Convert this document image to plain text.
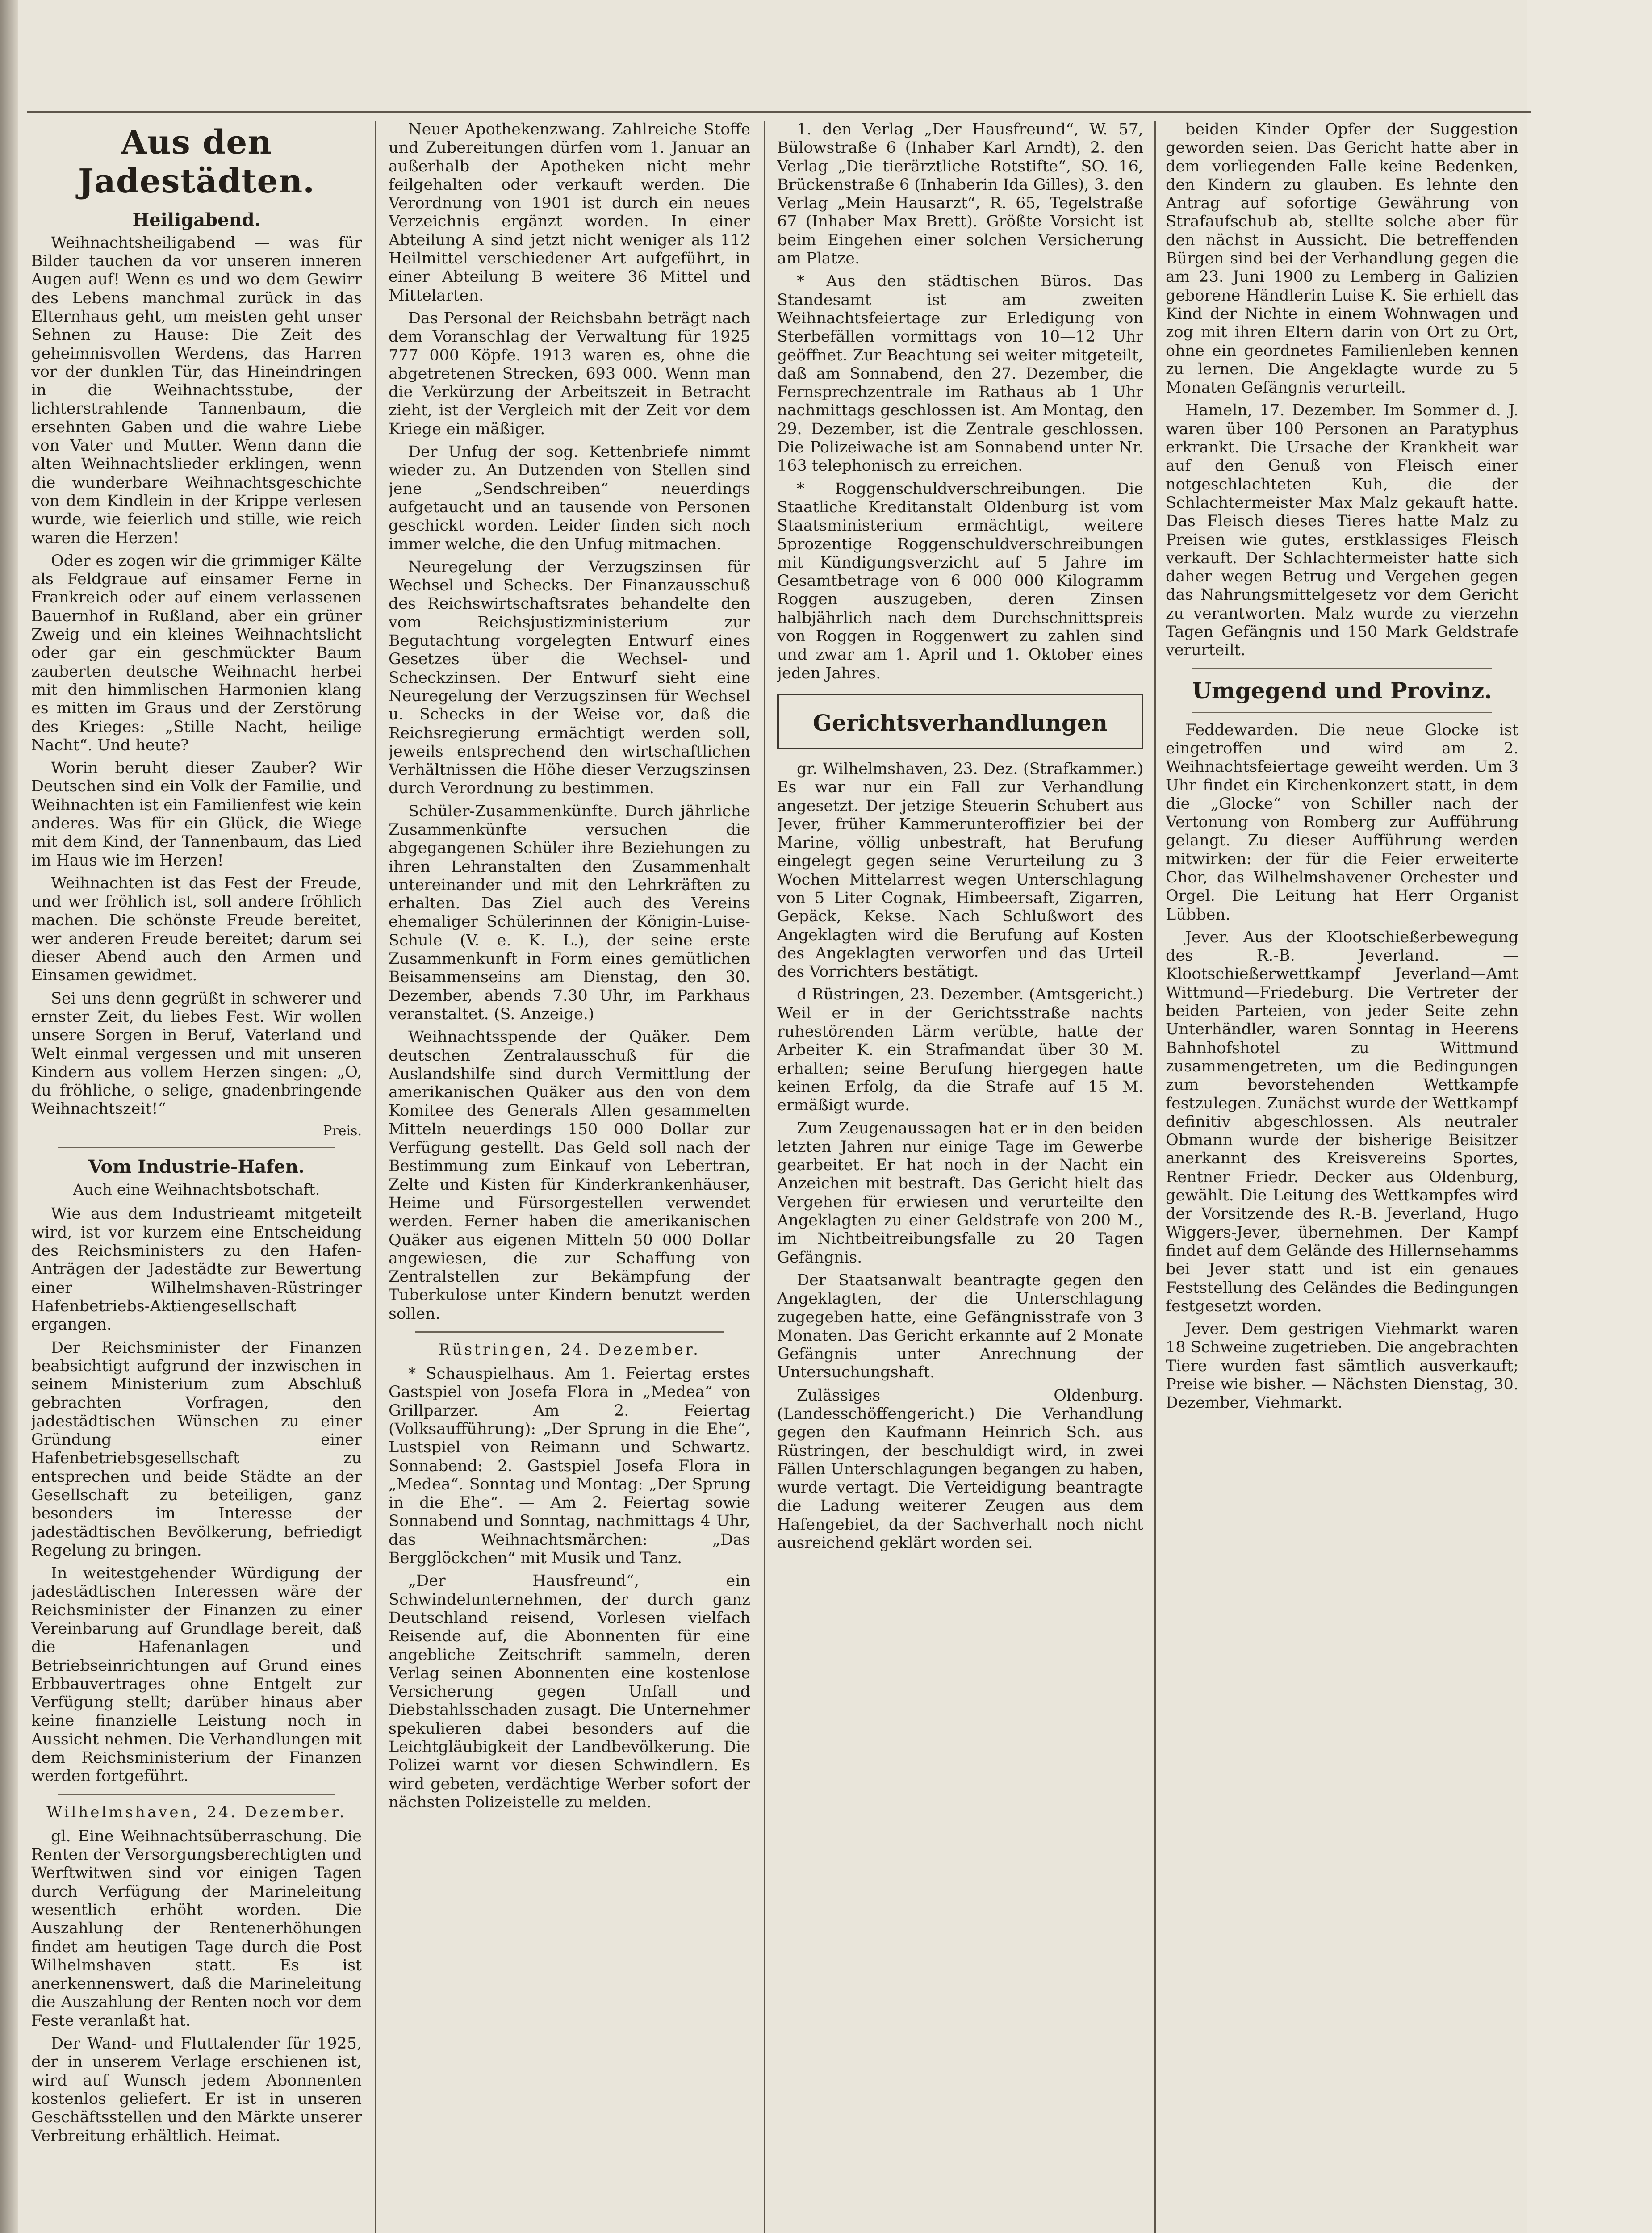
Aus den Jadestädten.
Heiligabend.

Weihnachtsheiligabend — was für Bilder tauchen da vor unseren inneren Augen auf! Wenn es und wo dem Gewirr des Lebens manchmal zurück in das Elternhaus geht, um meisten geht unser Sehnen zu Hause: Die Zeit des geheimnisvollen Werdens, das Harren vor der dunklen Tür, das Hineindringen in die Weihnachtsstube, der lichterstrahlende Tannenbaum, die ersehnten Gaben und die wahre Liebe von Vater und Mutter. Wenn dann die alten Weihnachtslieder erklingen, wenn die wunderbare Weihnachtsgeschichte von dem Kindlein in der Krippe verlesen wurde, wie feierlich und stille, wie reich waren die Herzen!

Oder es zogen wir die grimmiger Kälte als Feldgraue auf einsamer Ferne in Frankreich oder auf einem verlassenen Bauernhof in Rußland, aber ein grüner Zweig und ein kleines Weihnachtslicht oder gar ein geschmückter Baum zauberten deutsche Weihnacht herbei mit den himmlischen Harmonien klang es mitten im Graus und der Zerstörung des Krieges: „Stille Nacht, heilige Nacht“. Und heute?

Worin beruht dieser Zauber? Wir Deutschen sind ein Volk der Familie, und Weihnachten ist ein Familienfest wie kein anderes. Was für ein Glück, die Wiege mit dem Kind, der Tannenbaum, das Lied im Haus wie im Herzen!

Weihnachten ist das Fest der Freude, und wer fröhlich ist, soll andere fröhlich machen. Die schönste Freude bereitet, wer anderen Freude bereitet; darum sei dieser Abend auch den Armen und Einsamen gewidmet.

Sei uns denn gegrüßt in schwerer und ernster Zeit, du liebes Fest. Wir wollen unsere Sorgen in Beruf, Vaterland und Welt einmal vergessen und mit unseren Kindern aus vollem Herzen singen: „O, du fröhliche, o selige, gnadenbringende Weihnachtszeit!“

Preis.
Vom Industrie-Hafen.
Auch eine Weihnachtsbotschaft.

Wie aus dem Industrieamt mitgeteilt wird, ist vor kurzem eine Entscheidung des Reichsministers zu den Hafen-Anträgen der Jadestädte zur Bewertung einer Wilhelmshaven-Rüstringer Hafenbetriebs-Aktiengesellschaft ergangen.

Der Reichsminister der Finanzen beabsichtigt aufgrund der inzwischen in seinem Ministerium zum Abschluß gebrachten Vorfragen, den jadestädtischen Wünschen zu einer Gründung einer Hafenbetriebsgesellschaft zu entsprechen und beide Städte an der Gesellschaft zu beteiligen, ganz besonders im Interesse der jadestädtischen Bevölkerung, befriedigt Regelung zu bringen.

In weitestgehender Würdigung der jadestädtischen Interessen wäre der Reichsminister der Finanzen zu einer Vereinbarung auf Grundlage bereit, daß die Hafenanlagen und Betriebseinrichtungen auf Grund eines Erbbauvertrages ohne Entgelt zur Verfügung stellt; darüber hinaus aber keine finanzielle Leistung noch in Aussicht nehmen. Die Verhandlungen mit dem Reichsministerium der Finanzen werden fortgeführt.

Wilhelmshaven, 24. Dezember.

gl. Eine Weihnachtsüberraschung. Die Renten der Versorgungsberechtigten und Werftwitwen sind vor einigen Tagen durch Verfügung der Marineleitung wesentlich erhöht worden. Die Auszahlung der Rentenerhöhungen findet am heutigen Tage durch die Post Wilhelmshaven statt. Es ist anerkennenswert, daß die Marineleitung die Auszahlung der Renten noch vor dem Feste veranlaßt hat.

Der Wand- und Fluttalender für 1925, der in unserem Verlage erschienen ist, wird auf Wunsch jedem Abonnenten kostenlos geliefert. Er ist in unseren Geschäftsstellen und den Märkte unserer Verbreitung erhältlich. Heimat.

Neuer Apothekenzwang. Zahlreiche Stoffe und Zubereitungen dürfen vom 1. Januar an außerhalb der Apotheken nicht mehr feilgehalten oder verkauft werden. Die Verordnung von 1901 ist durch ein neues Verzeichnis ergänzt worden. In einer Abteilung A sind jetzt nicht weniger als 112 Heilmittel verschiedener Art aufgeführt, in einer Abteilung B weitere 36 Mittel und Mittelarten.

Das Personal der Reichsbahn beträgt nach dem Voranschlag der Verwaltung für 1925 777 000 Köpfe. 1913 waren es, ohne die abgetretenen Strecken, 693 000. Wenn man die Verkürzung der Arbeitszeit in Betracht zieht, ist der Vergleich mit der Zeit vor dem Kriege ein mäßiger.

Der Unfug der sog. Kettenbriefe nimmt wieder zu. An Dutzenden von Stellen sind jene „Sendschreiben“ neuerdings aufgetaucht und an tausende von Personen geschickt worden. Leider finden sich noch immer welche, die den Unfug mitmachen.

Neuregelung der Verzugszinsen für Wechsel und Schecks. Der Finanzausschuß des Reichswirtschaftsrates behandelte den vom Reichsjustizministerium zur Begutachtung vorgelegten Entwurf eines Gesetzes über die Wechsel- und Scheckzinsen. Der Entwurf sieht eine Neuregelung der Verzugszinsen für Wechsel u. Schecks in der Weise vor, daß die Reichsregierung ermächtigt werden soll, jeweils entsprechend den wirtschaftlichen Verhältnissen die Höhe dieser Verzugszinsen durch Verordnung zu bestimmen.

Schüler-Zusammenkünfte. Durch jährliche Zusammenkünfte versuchen die abgegangenen Schüler ihre Beziehungen zu ihren Lehranstalten den Zusammenhalt untereinander und mit den Lehrkräften zu erhalten. Das Ziel auch des Vereins ehemaliger Schülerinnen der Königin-Luise-Schule (V. e. K. L.), der seine erste Zusammenkunft in Form eines gemütlichen Beisammenseins am Dienstag, den 30. Dezember, abends 7.30 Uhr, im Parkhaus veranstaltet. (S. Anzeige.)

Weihnachtsspende der Quäker. Dem deutschen Zentralausschuß für die Auslandshilfe sind durch Vermittlung der amerikanischen Quäker aus den von dem Komitee des Generals Allen gesammelten Mitteln neuerdings 150 000 Dollar zur Verfügung gestellt. Das Geld soll nach der Bestimmung zum Einkauf von Lebertran, Zelte und Kisten für Kinderkrankenhäuser, Heime und Fürsorgestellen verwendet werden. Ferner haben die amerikanischen Quäker aus eigenen Mitteln 50 000 Dollar angewiesen, die zur Schaffung von Zentralstellen zur Bekämpfung der Tuberkulose unter Kindern benutzt werden sollen.

Rüstringen, 24. Dezember.

* Schauspielhaus. Am 1. Feiertag erstes Gastspiel von Josefa Flora in „Medea“ von Grillparzer. Am 2. Feiertag (Volksaufführung): „Der Sprung in die Ehe“, Lustspiel von Reimann und Schwartz. Sonnabend: 2. Gastspiel Josefa Flora in „Medea“. Sonntag und Montag: „Der Sprung in die Ehe“. — Am 2. Feiertag sowie Sonnabend und Sonntag, nachmittags 4 Uhr, das Weihnachtsmärchen: „Das Bergglöckchen“ mit Musik und Tanz.

„Der Hausfreund“, ein Schwindelunternehmen, der durch ganz Deutschland reisend, Vorlesen vielfach Reisende auf, die Abonnenten für eine angebliche Zeitschrift sammeln, deren Verlag seinen Abonnenten eine kostenlose Versicherung gegen Unfall und Diebstahlsschaden zusagt. Die Unternehmer spekulieren dabei besonders auf die Leichtgläubigkeit der Landbevölkerung. Die Polizei warnt vor diesen Schwindlern. Es wird gebeten, verdächtige Werber sofort der nächsten Polizeistelle zu melden.

1. den Verlag „Der Hausfreund“, W. 57, Bülowstraße 6 (Inhaber Karl Arndt), 2. den Verlag „Die tierärztliche Rotstifte“, SO. 16, Brückenstraße 6 (Inhaberin Ida Gilles), 3. den Verlag „Mein Hausarzt“, R. 65, Tegelstraße 67 (Inhaber Max Brett). Größte Vorsicht ist beim Eingehen einer solchen Versicherung am Platze.

* Aus den städtischen Büros. Das Standesamt ist am zweiten Weihnachtsfeiertage zur Erledigung von Sterbefällen vormittags von 10—12 Uhr geöffnet. Zur Beachtung sei weiter mitgeteilt, daß am Sonnabend, den 27. Dezember, die Fernsprechzentrale im Rathaus ab 1 Uhr nachmittags geschlossen ist. Am Montag, den 29. Dezember, ist die Zentrale geschlossen. Die Polizeiwache ist am Sonnabend unter Nr. 163 telephonisch zu erreichen.

* Roggenschuldverschreibungen. Die Staatliche Kreditanstalt Oldenburg ist vom Staatsministerium ermächtigt, weitere 5prozentige Roggenschuldverschreibungen mit Kündigungsverzicht auf 5 Jahre im Gesamtbetrage von 6 000 000 Kilogramm Roggen auszugeben, deren Zinsen halbjährlich nach dem Durchschnittspreis von Roggen in Roggenwert zu zahlen sind und zwar am 1. April und 1. Oktober eines jeden Jahres.

Gerichtsverhandlungen

gr. Wilhelmshaven, 23. Dez. (Strafkammer.) Es war nur ein Fall zur Verhandlung angesetzt. Der jetzige Steuerin Schubert aus Jever, früher Kammerunteroffizier bei der Marine, völlig unbestraft, hat Berufung eingelegt gegen seine Verurteilung zu 3 Wochen Mittelarrest wegen Unterschlagung von 5 Liter Cognak, Himbeersaft, Zigarren, Gepäck, Kekse. Nach Schlußwort des Angeklagten wird die Berufung auf Kosten des Angeklagten verworfen und das Urteil des Vorrichters bestätigt.

d Rüstringen, 23. Dezember. (Amtsgericht.) Weil er in der Gerichtsstraße nachts ruhestörenden Lärm verübte, hatte der Arbeiter K. ein Strafmandat über 30 M. erhalten; seine Berufung hiergegen hatte keinen Erfolg, da die Strafe auf 15 M. ermäßigt wurde.

Zum Zeugenaussagen hat er in den beiden letzten Jahren nur einige Tage im Gewerbe gearbeitet. Er hat noch in der Nacht ein Anzeichen mit bestraft. Das Gericht hielt das Vergehen für erwiesen und verurteilte den Angeklagten zu einer Geldstrafe von 200 M., im Nichtbeitreibungsfalle zu 20 Tagen Gefängnis.

Der Staatsanwalt beantragte gegen den Angeklagten, der die Unterschlagung zugegeben hatte, eine Gefängnisstrafe von 3 Monaten. Das Gericht erkannte auf 2 Monate Gefängnis unter Anrechnung der Untersuchungshaft.

Zulässiges Oldenburg. (Landesschöffengericht.) Die Verhandlung gegen den Kaufmann Heinrich Sch. aus Rüstringen, der beschuldigt wird, in zwei Fällen Unterschlagungen begangen zu haben, wurde vertagt. Die Verteidigung beantragte die Ladung weiterer Zeugen aus dem Hafengebiet, da der Sachverhalt noch nicht ausreichend geklärt worden sei.

beiden Kinder Opfer der Suggestion geworden seien. Das Gericht hatte aber in dem vorliegenden Falle keine Bedenken, den Kindern zu glauben. Es lehnte den Antrag auf sofortige Gewährung von Strafaufschub ab, stellte solche aber für den nächst in Aussicht. Die betreffenden Bürgen sind bei der Verhandlung gegen die am 23. Juni 1900 zu Lemberg in Galizien geborene Händlerin Luise K. Sie erhielt das Kind der Nichte in einem Wohnwagen und zog mit ihren Eltern darin von Ort zu Ort, ohne ein geordnetes Familienleben kennen zu lernen. Die Angeklagte wurde zu 5 Monaten Gefängnis verurteilt.

Hameln, 17. Dezember. Im Sommer d. J. waren über 100 Personen an Paratyphus erkrankt. Die Ursache der Krankheit war auf den Genuß von Fleisch einer notgeschlachteten Kuh, die der Schlachtermeister Max Malz gekauft hatte. Das Fleisch dieses Tieres hatte Malz zu Preisen wie gutes, erstklassiges Fleisch verkauft. Der Schlachtermeister hatte sich daher wegen Betrug und Vergehen gegen das Nahrungsmittelgesetz vor dem Gericht zu verantworten. Malz wurde zu vierzehn Tagen Gefängnis und 150 Mark Geldstrafe verurteilt.

Umgegend und Provinz.

Feddewarden. Die neue Glocke ist eingetroffen und wird am 2. Weihnachtsfeiertage geweiht werden. Um 3 Uhr findet ein Kirchenkonzert statt, in dem die „Glocke“ von Schiller nach der Vertonung von Romberg zur Aufführung gelangt. Zu dieser Aufführung werden mitwirken: der für die Feier erweiterte Chor, das Wilhelmshavener Orchester und Orgel. Die Leitung hat Herr Organist Lübben.

Jever. Aus der Klootschießerbewegung des R.-B. Jeverland. — Klootschießerwettkampf Jeverland—Amt Wittmund—Friedeburg. Die Vertreter der beiden Parteien, von jeder Seite zehn Unterhändler, waren Sonntag in Heerens Bahnhofshotel zu Wittmund zusammengetreten, um die Bedingungen zum bevorstehenden Wettkampfe festzulegen. Zunächst wurde der Wettkampf definitiv abgeschlossen. Als neutraler Obmann wurde der bisherige Beisitzer anerkannt des Kreisvereins Sportes, Rentner Friedr. Decker aus Oldenburg, gewählt. Die Leitung des Wettkampfes wird der Vorsitzende des R.-B. Jeverland, Hugo Wiggers-Jever, übernehmen. Der Kampf findet auf dem Gelände des Hillernsehamms bei Jever statt und ist ein genaues Feststellung des Geländes die Bedingungen festgesetzt worden.

Jever. Dem gestrigen Viehmarkt waren 18 Schweine zugetrieben. Die angebrachten Tiere wurden fast sämtlich ausverkauft; Preise wie bisher. — Nächsten Dienstag, 30. Dezember, Viehmarkt.
